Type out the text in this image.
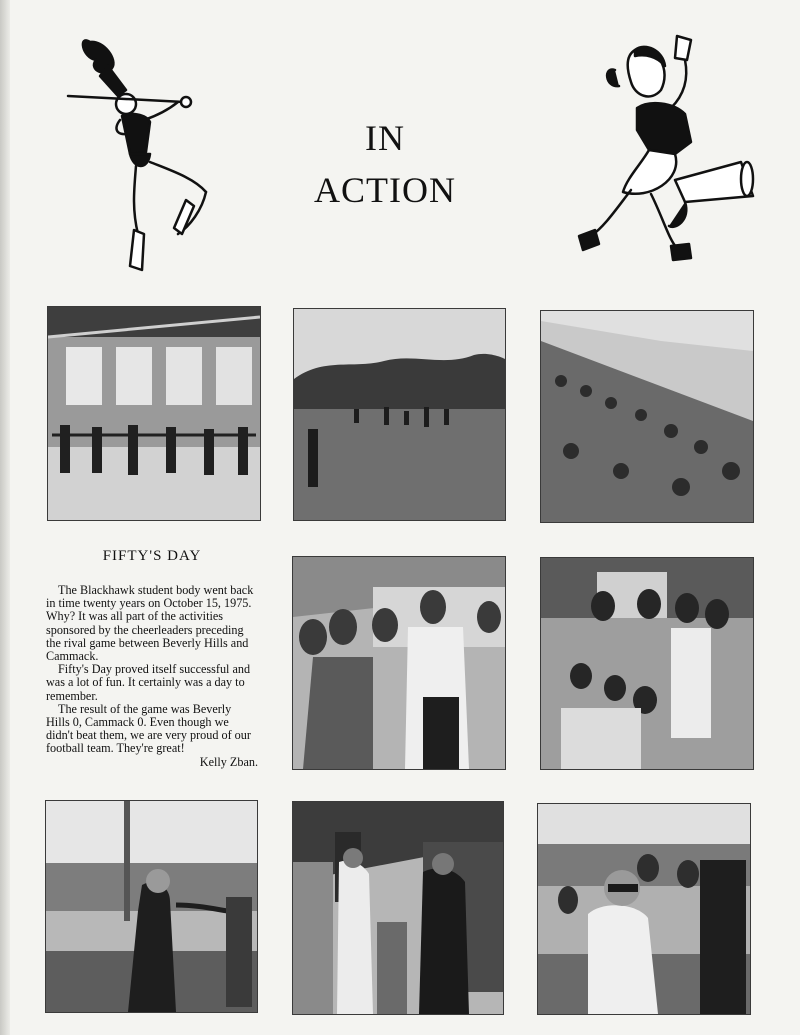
IN
ACTION
FIFTY'S DAY

The Blackhawk student body went back in time twenty years on October 15, 1975. Why? It was all part of the activities sponsored by the cheerleaders preceding the rival game between Beverly Hills and Cammack.

Fifty's Day proved itself successful and was a lot of fun. It certainly was a day to remember.

The result of the game was Beverly Hills 0, Cammack 0. Even though we didn't beat them, we are very proud of our football team. They're great!

Kelly Zban.
